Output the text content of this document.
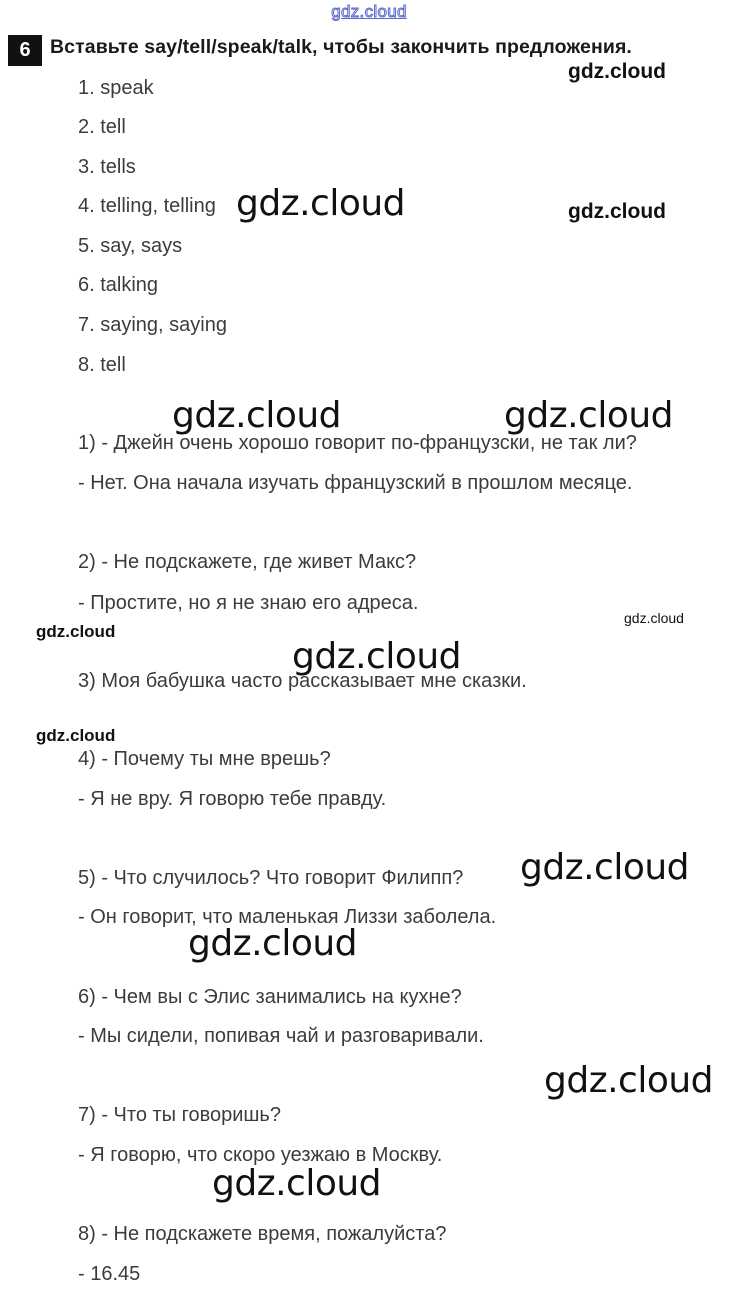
gdz.cloud
6 Вставьте say/tell/speak/talk, чтобы закончить предложения.
1. speak
2. tell
3. tells
4. telling, telling
5. say, says
6. talking
7. saying, saying
8. tell
1) - Джейн очень хорошо говорит по-французски, не так ли?
- Нет. Она начала изучать французский в прошлом месяце.
2) - Не подскажете, где живет Макс?
- Простите, но я не знаю его адреса.
3) Моя бабушка часто рассказывает мне сказки.
4) - Почему ты мне врешь?
- Я не вру. Я говорю тебе правду.
5) - Что случилось? Что говорит Филипп?
- Он говорит, что маленькая Лиззи заболела.
6) - Чем вы с Элис занимались на кухне?
- Мы сидели, попивая чай и разговаривали.
7) - Что ты говоришь?
- Я говорю, что скоро уезжаю в Москву.
8) - Не подскажете время, пожалуйста?
- 16.45
gdz.cloud
gdz.cloud	gdz.cloud
gdz.cloud	gdz.cloud
gdz.cloud
gdz.cloud
gdz.cloud
gdz.cloud
gdz.cloud
gdz.cloud
gdz.cloud
gdz.cloud
